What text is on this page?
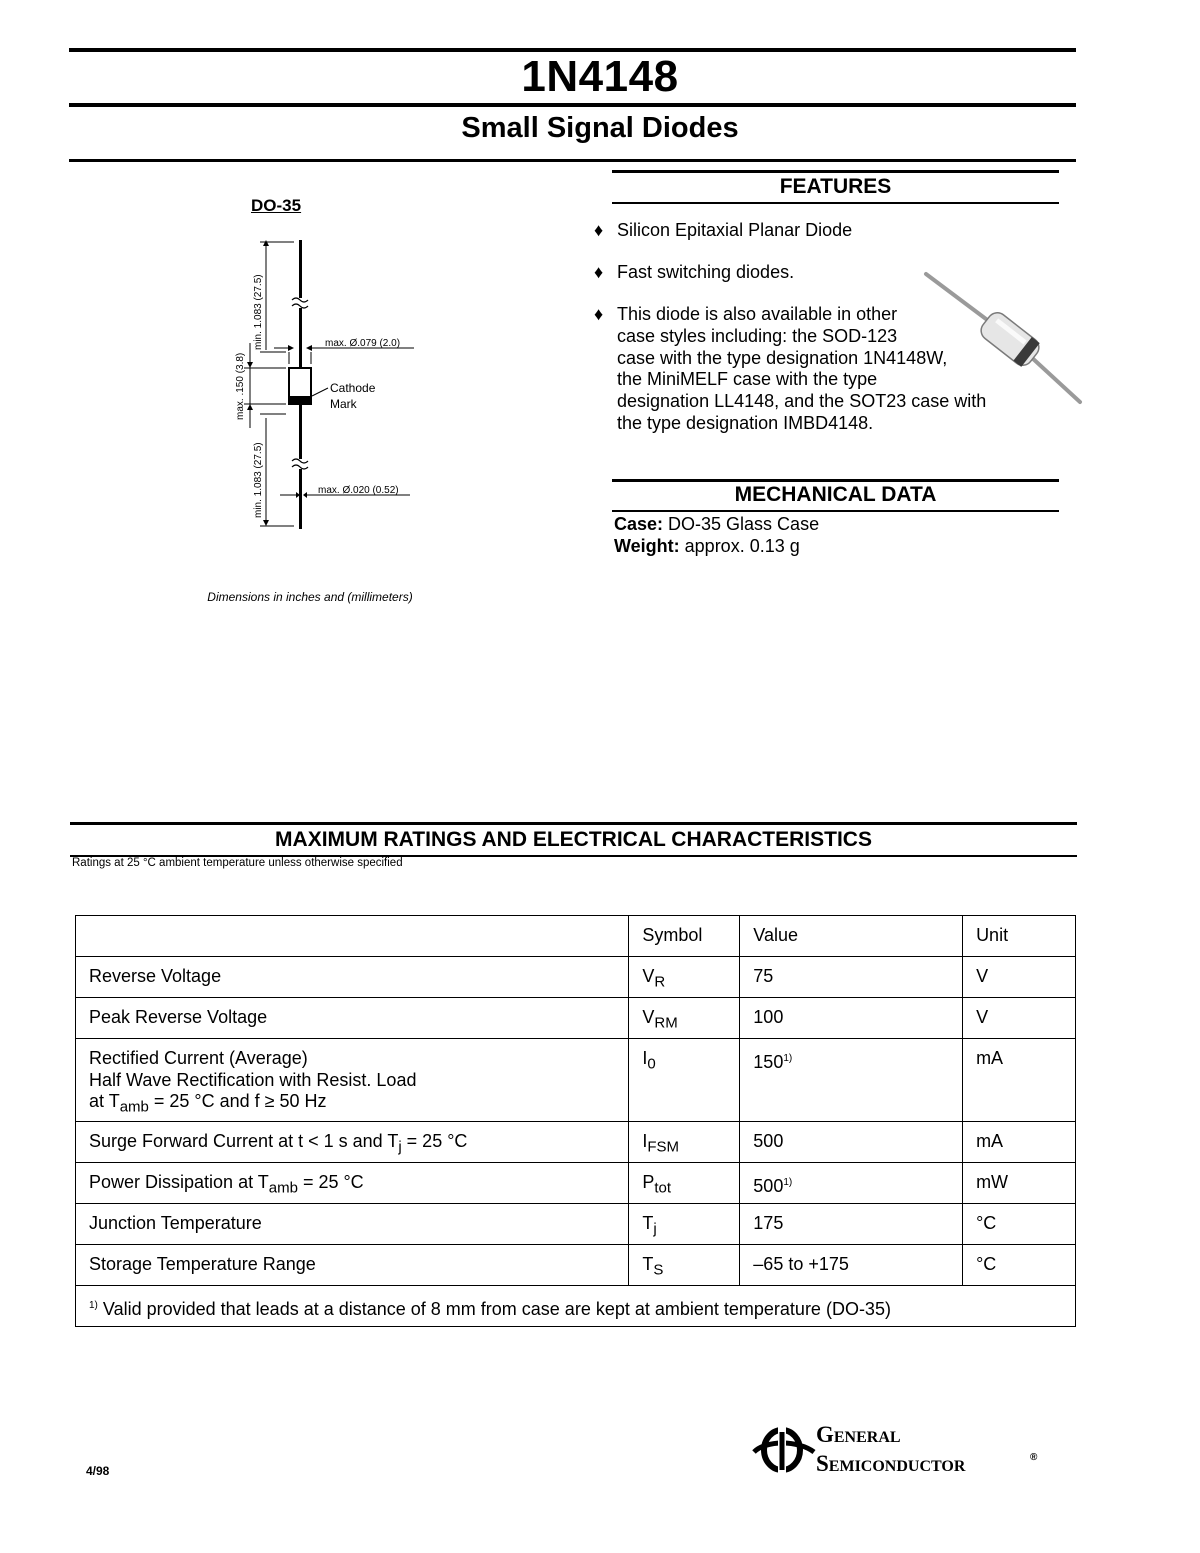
1N4148
Small Signal Diodes
DO-35
min. 1.083 (27.5)
max. .150 (3.8)
min. 1.083 (27.5)
max. Ø.079 (2.0)
Cathode
Mark
max. Ø.020 (0.52)
Dimensions in inches and (millimeters)
FEATURES
♦ Silicon Epitaxial Planar Diode
♦ Fast switching diodes.
♦ This diode is also available in other
case styles including: the SOD-123
case with the type designation 1N4148W,
the MiniMELF case with the type
designation LL4148, and the SOT23 case with
the type designation IMBD4148.
MECHANICAL DATA
Case: DO-35 Glass Case
Weight: approx. 0.13 g
MAXIMUM RATINGS AND ELECTRICAL CHARACTERISTICS
Ratings at 25 °C ambient temperature unless otherwise specified
	Symbol	Value	Unit
Reverse Voltage	$V_R$	75	V
Peak Reverse Voltage	$V_{RM}$	100	V

Rectified Current (Average)
Half Wave Rectification with Resist. Load
at $T_{amb} = 25$ °C and f ≥ 50 Hz	$I_0$	150$^{1)}$	mA
Surge Forward Current at t < 1 s and $T_j = 25$ °C	$I_{FSM}$	500	mA
Power Dissipation at $T_{amb} = 25$ °C	$P_{tot}$	500$^{1)}$	mW
Junction Temperature	$T_j$	175	°C
Storage Temperature Range	$T_S$	–65 to +175	°C
$^{1)}$ Valid provided that leads at a distance of 8 mm from case are kept at ambient temperature (DO-35)			
4/98
General
Semiconductor	®
